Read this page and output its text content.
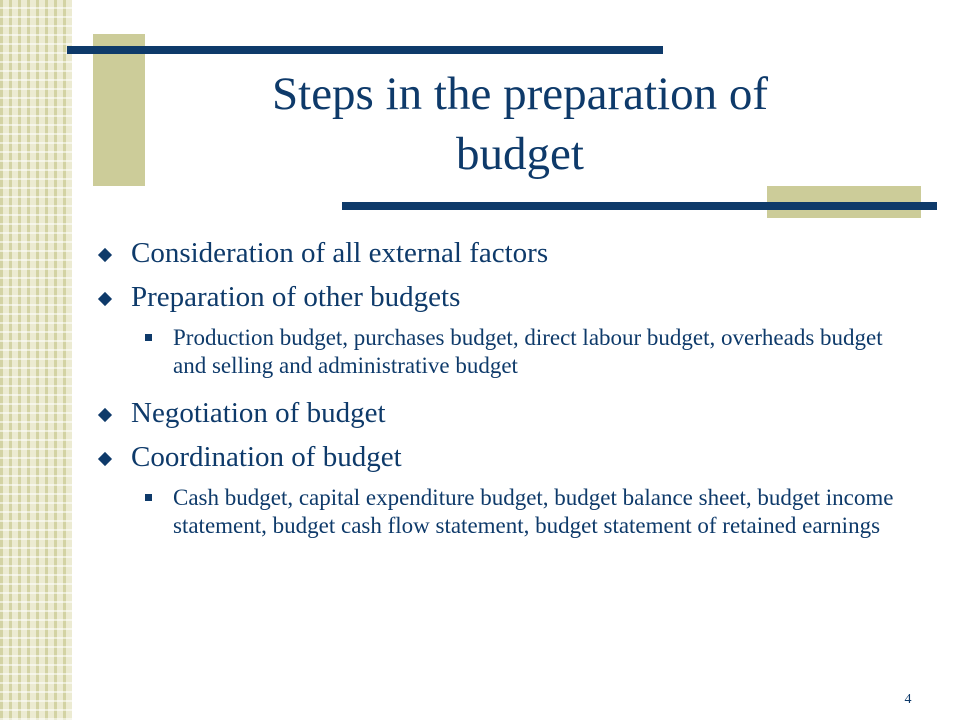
Steps in the preparation of
budget
Consideration of all external factors
Preparation of other budgets
Production budget, purchases budget, direct labour budget, overheads budget and selling and administrative budget
Negotiation of budget
Coordination of budget
Cash budget, capital expenditure budget, budget balance sheet, budget income statement, budget cash flow statement, budget statement of retained earnings
4
